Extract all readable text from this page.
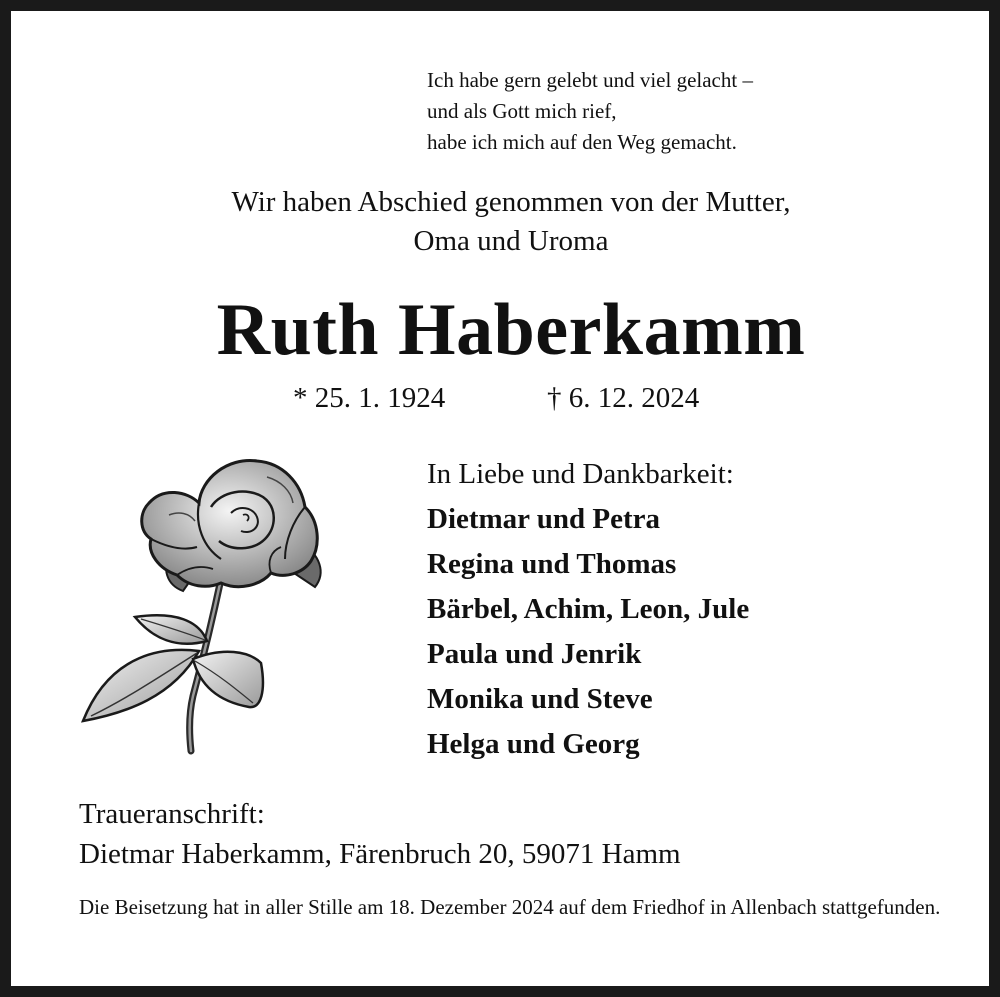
Ich habe gern gelebt und viel gelacht –
und als Gott mich rief,
habe ich mich auf den Weg gemacht.
Wir haben Abschied genommen von der Mutter,
Oma und Uroma
Ruth Haberkamm
* 25. 1. 1924	† 6. 12. 2024
In Liebe und Dankbarkeit:
Dietmar und Petra
Regina und Thomas
Bärbel, Achim, Leon, Jule
Paula und Jenrik
Monika und Steve
Helga und Georg
Traueranschrift:
Dietmar Haberkamm, Färenbruch 20, 59071 Hamm
Die Beisetzung hat in aller Stille am 18. Dezember 2024 auf dem Friedhof in Allenbach stattgefunden.
